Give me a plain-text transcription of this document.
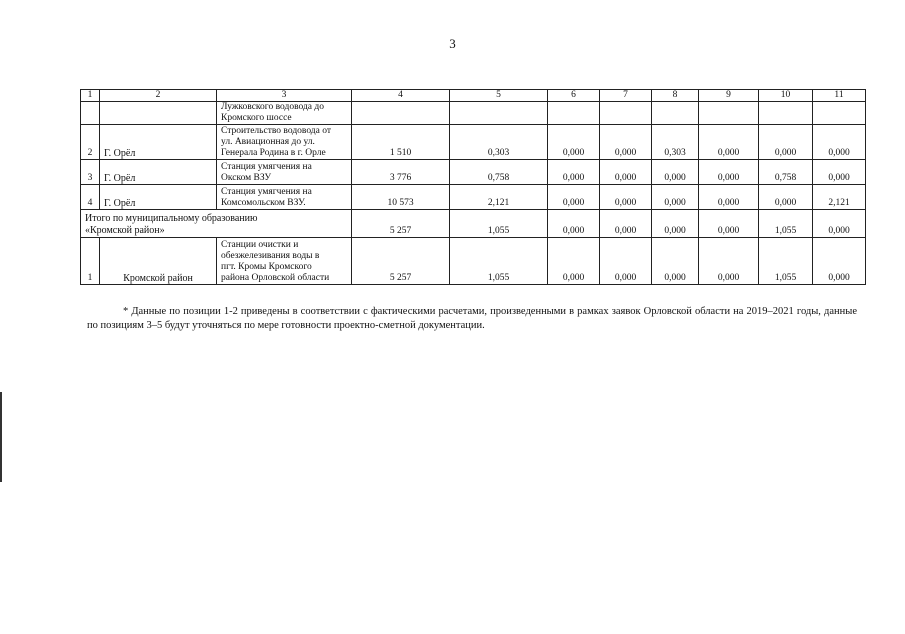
3
1	2	3	4	5	6	7	8	9	10	11

		Лужковского водовода до
Кромского шоссе								

2	Г. Орёл	Строительство водовода от
ул. Авиационная до ул.
Генерала Родина в г. Орле	1 510	0,303	0,000	0,000	0,303	0,000	0,000	0,000
3	Г. Орёл	Станция умягчения на
Окском ВЗУ	3 776	0,758	0,000	0,000	0,000	0,000	0,758	0,000
4	Г. Орёл	Станция умягчения на
Комсомольском ВЗУ.	10 573	2,121	0,000	0,000	0,000	0,000	0,000	2,121

Итого по муниципальному образованию
«Кромской район»			5 257	1,055	0,000	0,000	0,000	0,000	1,055	0,000
1	Кромской район	Станции очистки и
обезжелезивания воды в
пгт. Кромы Кромского
района Орловской области	5 257	1,055	0,000	0,000	0,000	0,000	1,055	0,000
* Данные по позиции 1-2 приведены в соответствии с фактическими расчетами, произведенными в рамках заявок Орловской области на 2019–2021 годы, данные по позициям 3–5 будут уточняться по мере готовности проектно-сметной документации.
